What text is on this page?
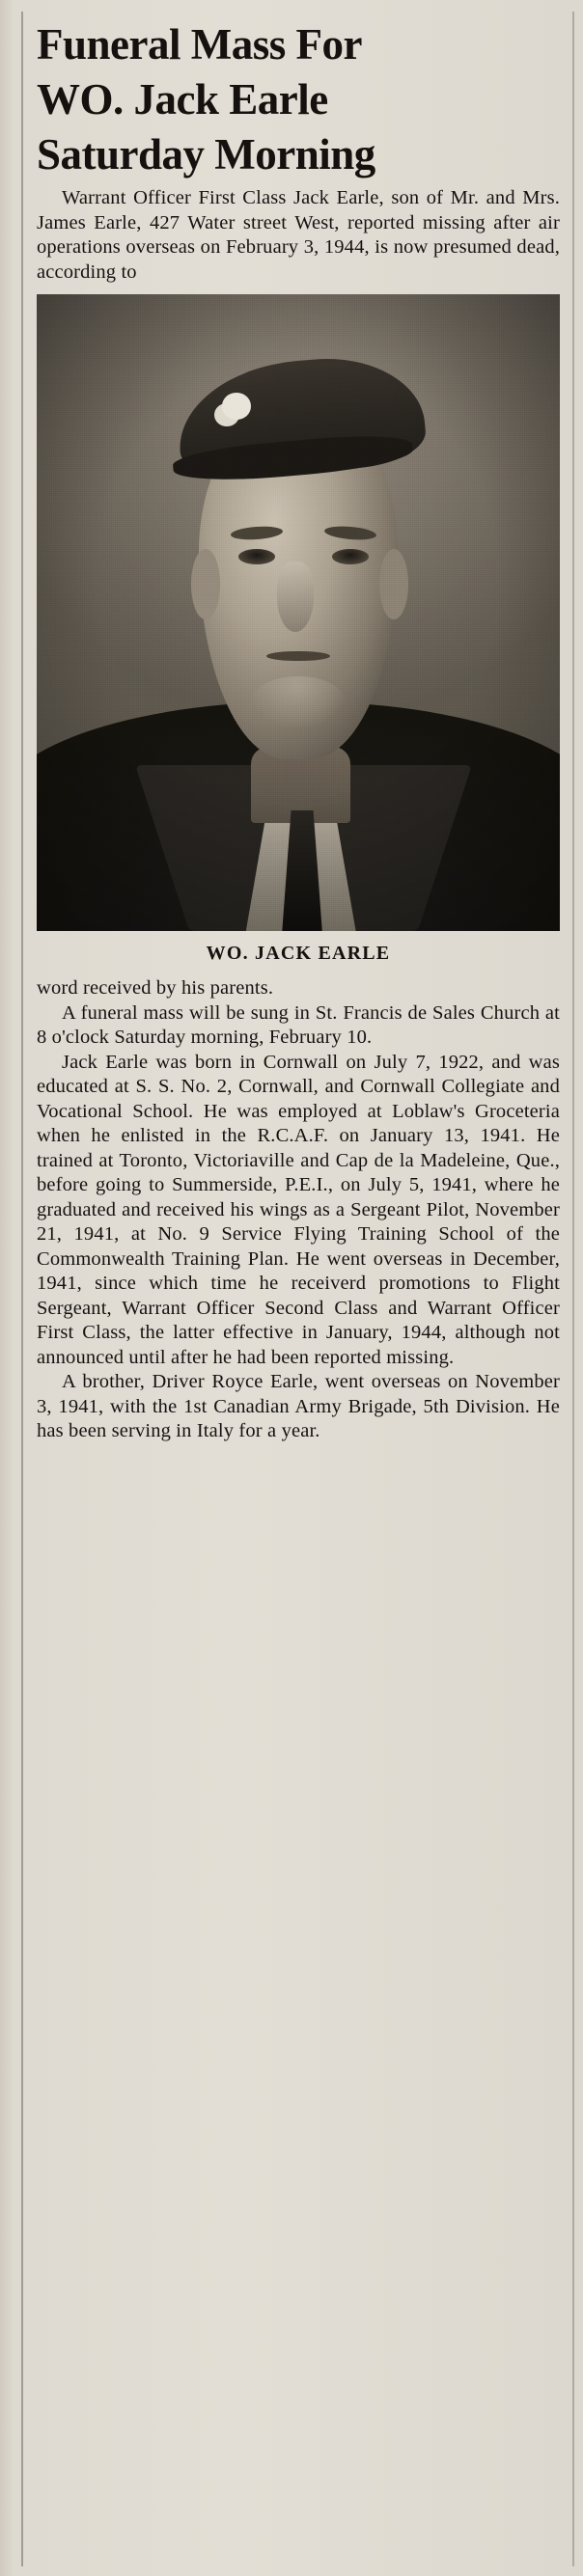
Funeral Mass For
WO. Jack Earle
Saturday Morning

Warrant Officer First Class Jack Earle, son of Mr. and Mrs. James Earle, 427 Water street West, reported missing after air operations overseas on February 3, 1944, is now presumed dead, according to

WO. JACK EARLE

word received by his parents.

A funeral mass will be sung in St. Francis de Sales Church at 8 o'clock Saturday morning, February 10.

Jack Earle was born in Cornwall on July 7, 1922, and was educated at S. S. No. 2, Cornwall, and Cornwall Collegiate and Vocational School. He was employed at Loblaw's Groceteria when he enlisted in the R.C.A.F. on January 13, 1941. He trained at Toronto, Victoriaville and Cap de la Madeleine, Que., before going to Summerside, P.E.I., on July 5, 1941, where he graduated and received his wings as a Sergeant Pilot, November 21, 1941, at No. 9 Service Flying Training School of the Commonwealth Training Plan. He went overseas in December, 1941, since which time he receiverd promotions to Flight Sergeant, Warrant Officer Second Class and Warrant Officer First Class, the latter effective in January, 1944, although not announced until after he had been reported missing.

A brother, Driver Royce Earle, went overseas on November 3, 1941, with the 1st Canadian Army Brigade, 5th Division. He has been serving in Italy for a year.
